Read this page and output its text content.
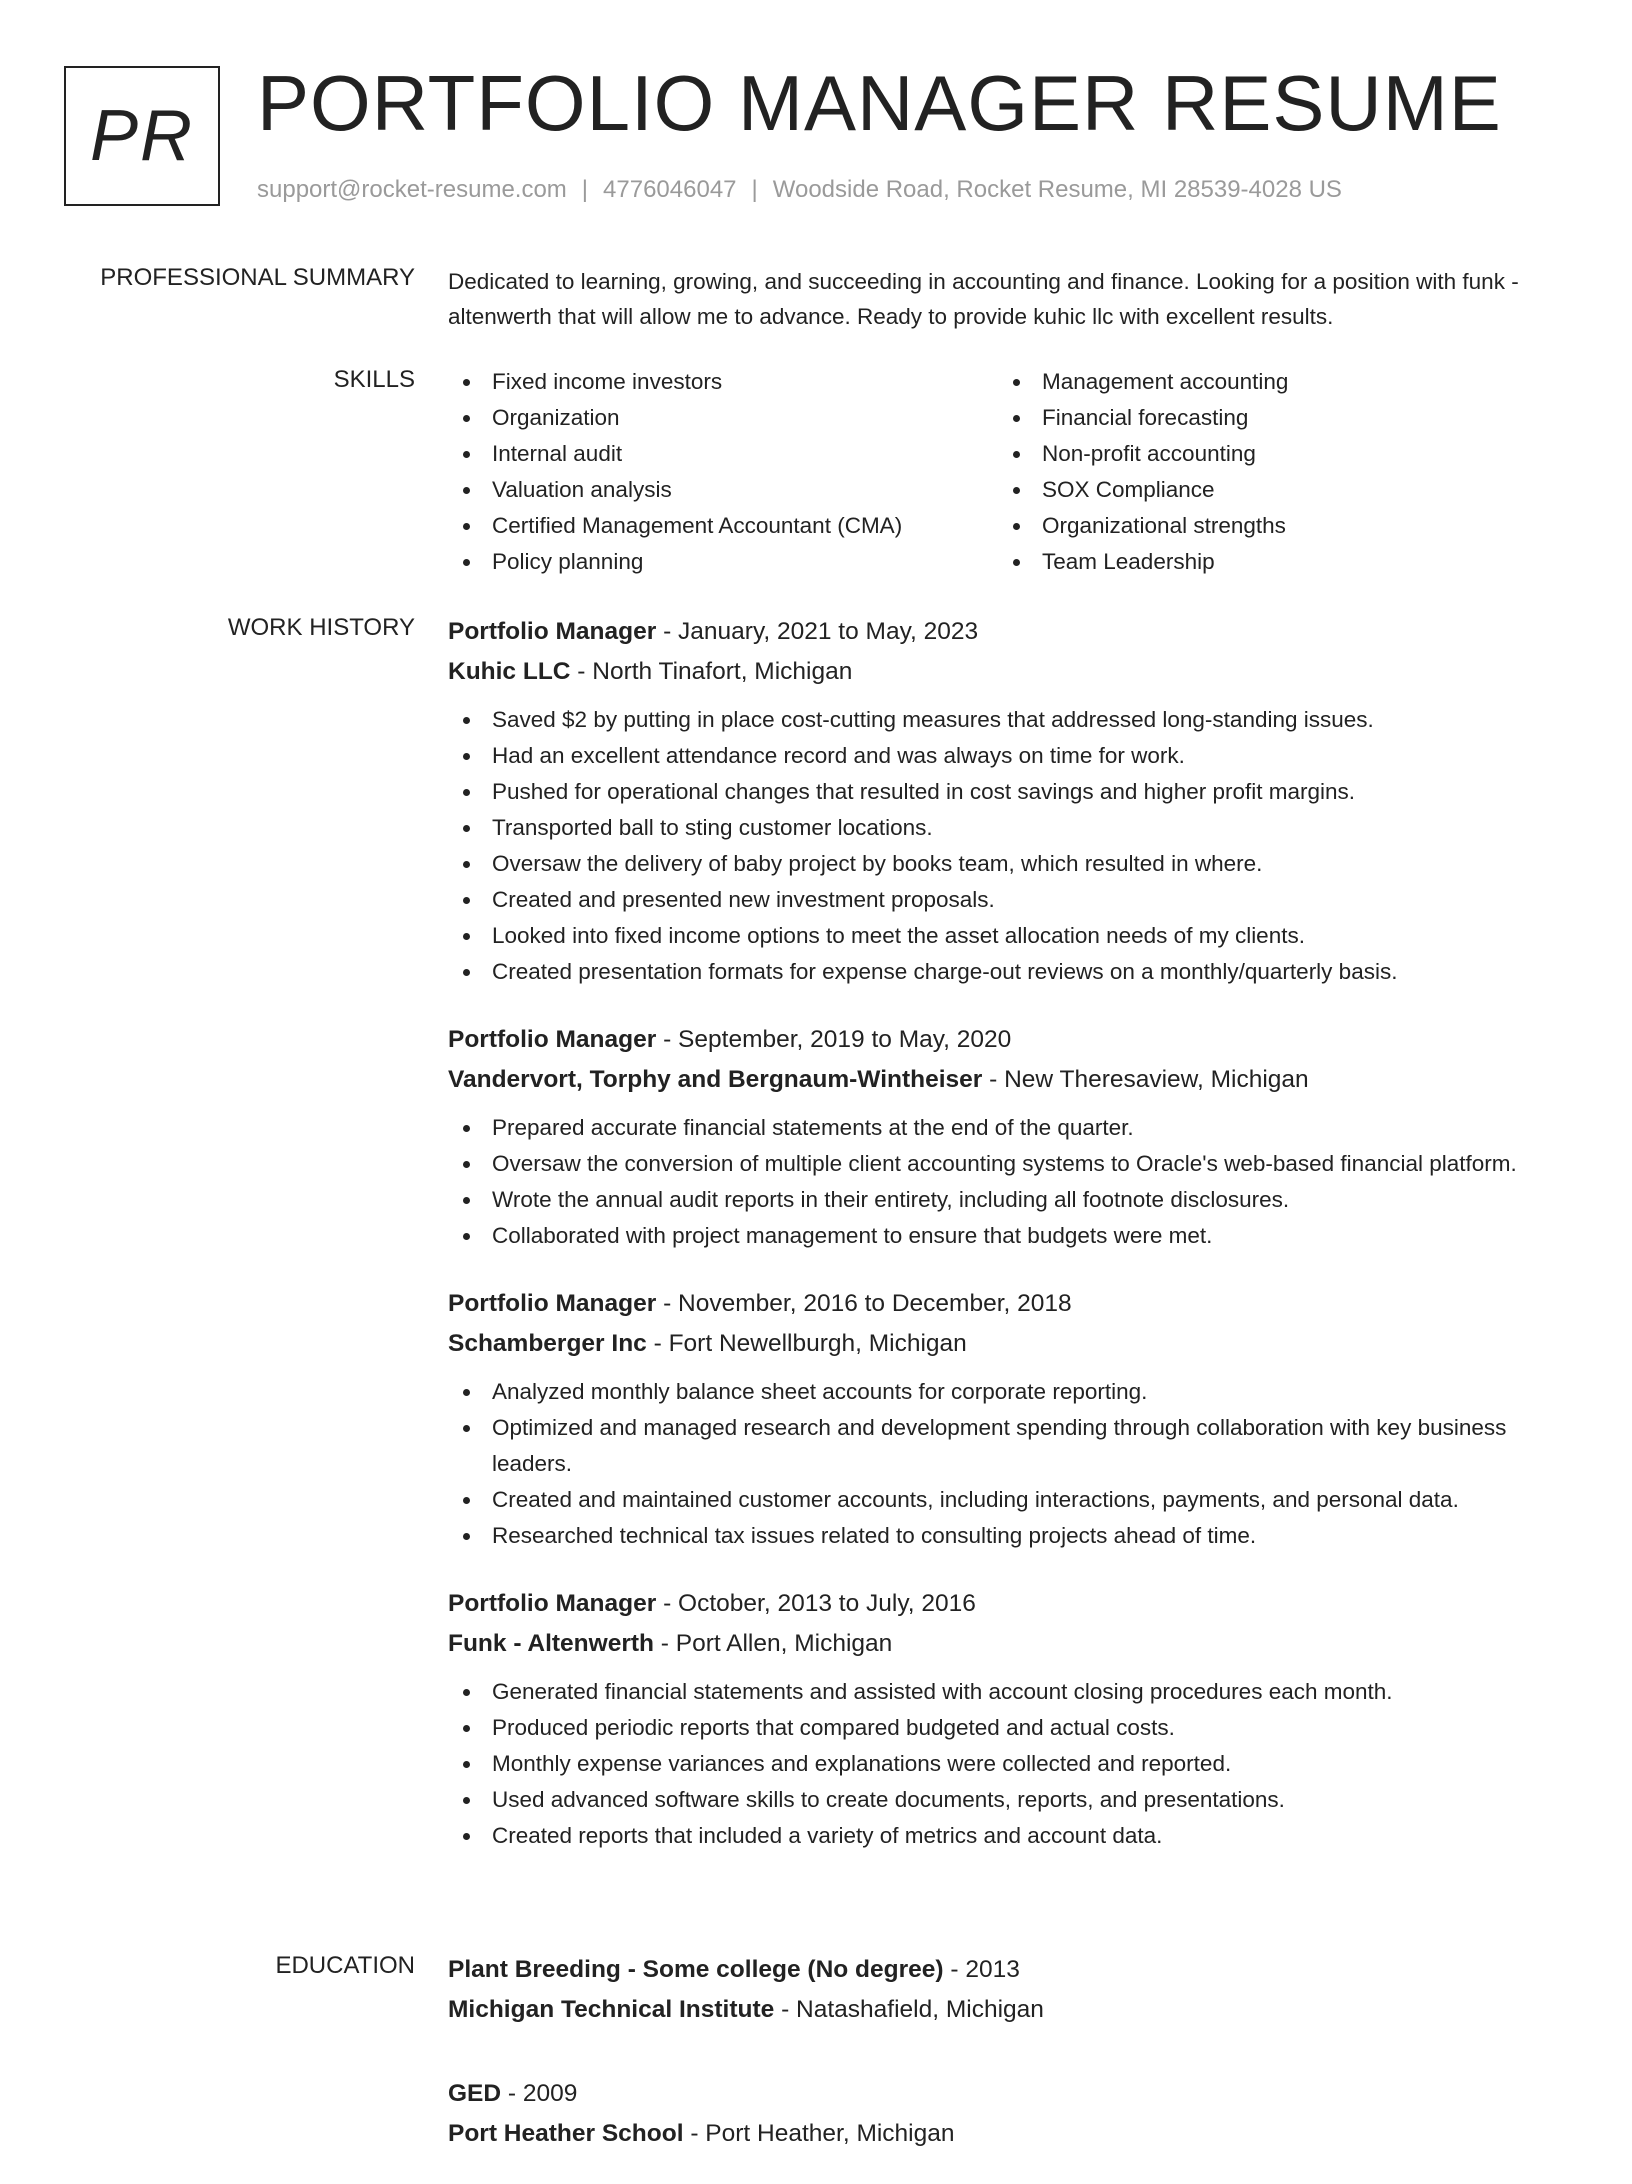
PR PORTFOLIO MANAGER RESUME
support@rocket-resume.com | 4776046047 | Woodside Road, Rocket Resume, MI 28539-4028 US
PROFESSIONAL SUMMARY Dedicated to learning, growing, and succeeding in accounting and finance. Looking for a position with funk - altenwerth that will allow me to advance. Ready to provide kuhic llc with excellent results.

SKILLS	Fixed income investors
Organization
Internal audit
Valuation analysis
Certified Management Accountant (CMA)
Policy planning
Management accounting
Financial forecasting
Non-profit accounting
SOX Compliance
Organizational strengths
Team Leadership
WORK HISTORY Portfolio Manager - January, 2021 to May, 2023
Kuhic LLC - North Tinafort, Michigan
Saved $2 by putting in place cost-cutting measures that addressed long-standing issues.
Had an excellent attendance record and was always on time for work.
Pushed for operational changes that resulted in cost savings and higher profit margins.
Transported ball to sting customer locations.
Oversaw the delivery of baby project by books team, which resulted in where.
Created and presented new investment proposals.
Looked into fixed income options to meet the asset allocation needs of my clients.
Created presentation formats for expense charge-out reviews on a monthly/quarterly basis.
Portfolio Manager - September, 2019 to May, 2020
Vandervort, Torphy and Bergnaum-Wintheiser - New Theresaview, Michigan
Prepared accurate financial statements at the end of the quarter.
Oversaw the conversion of multiple client accounting systems to Oracle's web-based financial platform.
Wrote the annual audit reports in their entirety, including all footnote disclosures.
Collaborated with project management to ensure that budgets were met.
Portfolio Manager - November, 2016 to December, 2018
Schamberger Inc - Fort Newellburgh, Michigan
Analyzed monthly balance sheet accounts for corporate reporting.
Optimized and managed research and development spending through collaboration with key business leaders.
Created and maintained customer accounts, including interactions, payments, and personal data.
Researched technical tax issues related to consulting projects ahead of time.
Portfolio Manager - October, 2013 to July, 2016
Funk - Altenwerth - Port Allen, Michigan
Generated financial statements and assisted with account closing procedures each month.
Produced periodic reports that compared budgeted and actual costs.
Monthly expense variances and explanations were collected and reported.
Used advanced software skills to create documents, reports, and presentations.
Created reports that included a variety of metrics and account data.
EDUCATION Plant Breeding - Some college (No degree) - 2013
Michigan Technical Institute - Natashafield, Michigan
GED - 2009
Port Heather School - Port Heather, Michigan
